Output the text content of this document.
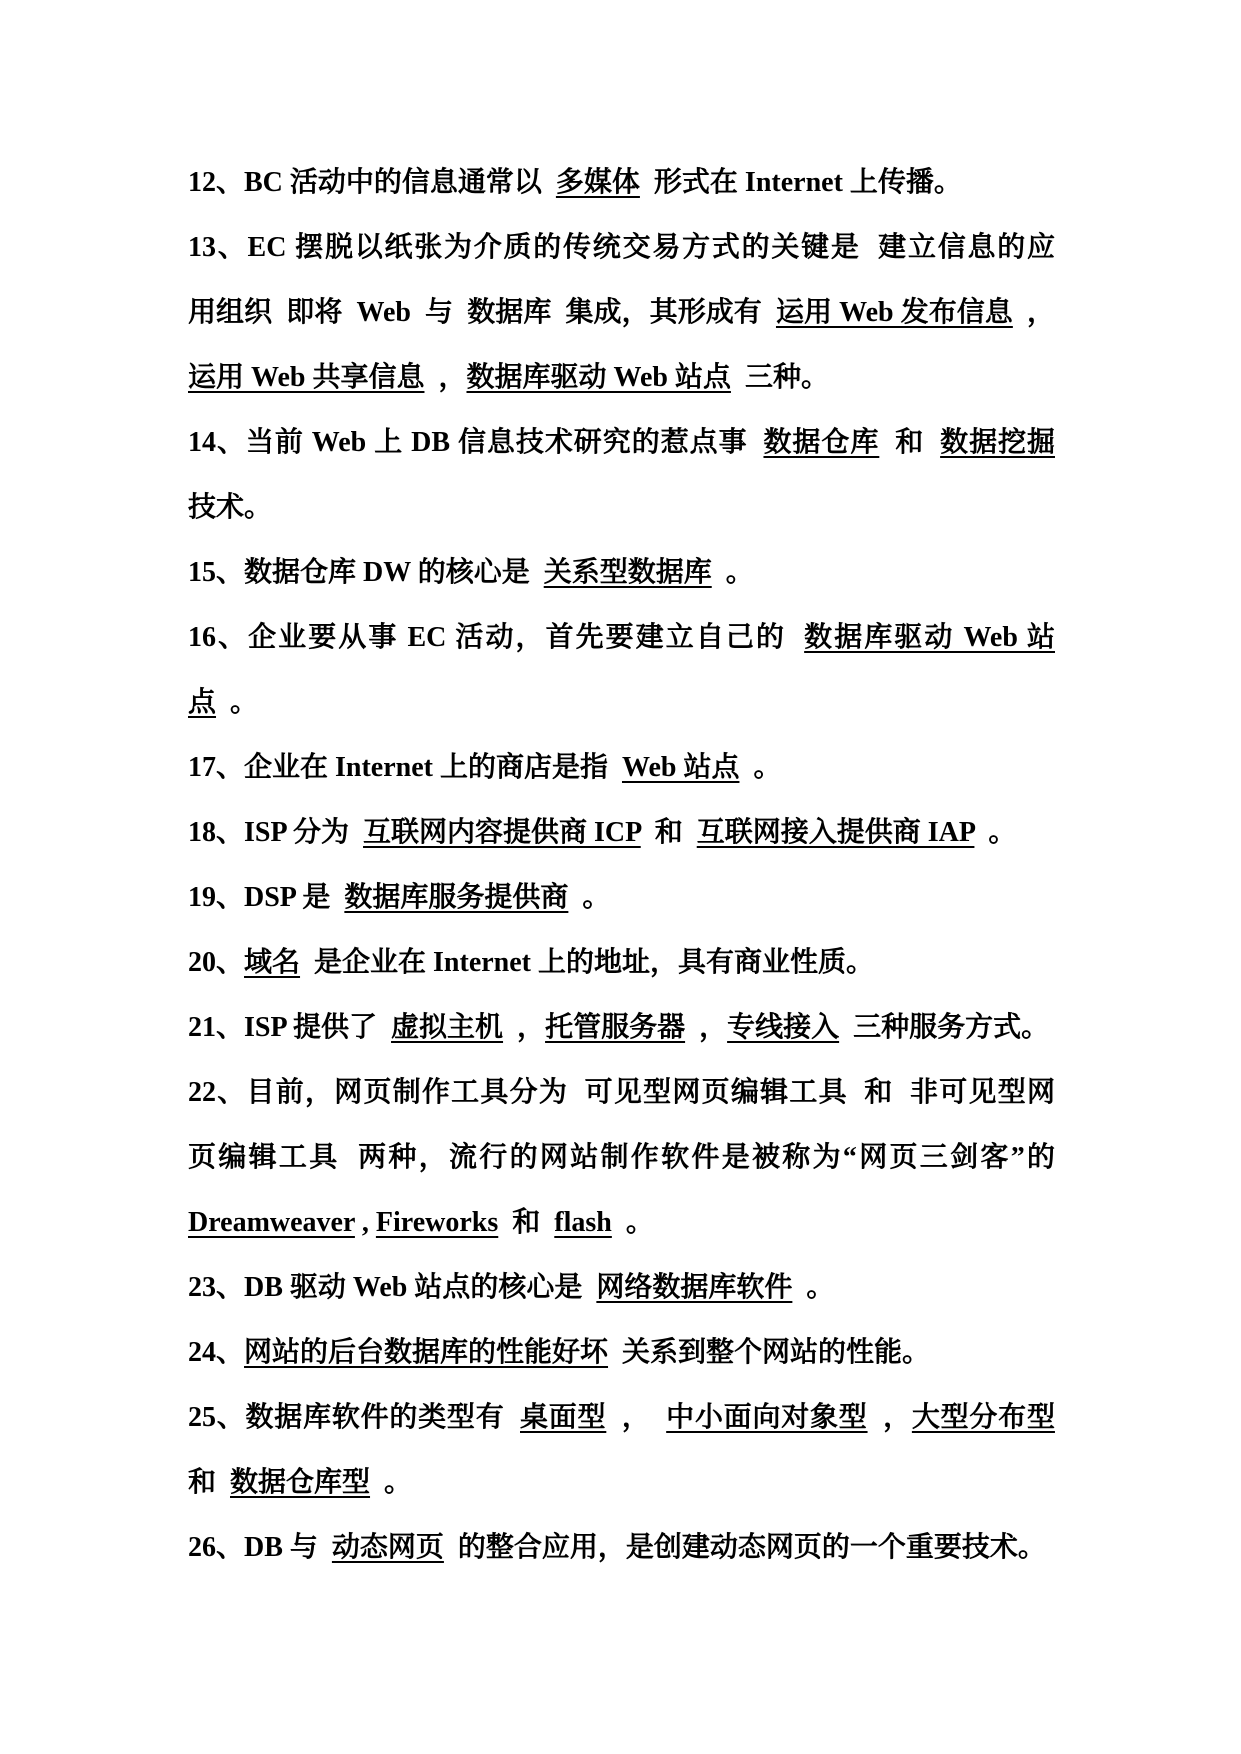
12、BC 活动中的信息通常以  多媒体  形式在 Internet 上传播。
13、EC 摆脱以纸张为介质的传统交易方式的关键是  建立信息的应
用组织  即将  Web  与  数据库  集成，其形成有  运用 Web 发布信息  ，
运用 Web 共享信息  ，数据库驱动 Web 站点  三种。
14、当前 Web 上 DB 信息技术研究的惹点事  数据仓库  和  数据挖掘
技术。
15、数据仓库 DW 的核心是  关系型数据库  。
16、企业要从事 EC 活动，首先要建立自己的  数据库驱动 Web 站
点  。
17、企业在 Internet 上的商店是指  Web 站点  。
18、ISP 分为  互联网内容提供商 ICP  和  互联网接入提供商 IAP  。
19、DSP 是  数据库服务提供商  。
20、域名  是企业在 Internet 上的地址，具有商业性质。
21、ISP 提供了  虚拟主机  ，托管服务器  ，专线接入  三种服务方式。
22、目前，网页制作工具分为  可见型网页编辑工具  和  非可见型网
页编辑工具  两种，流行的网站制作软件是被称为“网页三剑客”的
Dreamweaver , Fireworks  和  flash  。
23、DB 驱动 Web 站点的核心是  网络数据库软件  。
24、网站的后台数据库的性能好坏  关系到整个网站的性能。
25、数据库软件的类型有  桌面型  ，  中小面向对象型  ，大型分布型
和  数据仓库型  。
26、DB 与  动态网页  的整合应用，是创建动态网页的一个重要技术。
